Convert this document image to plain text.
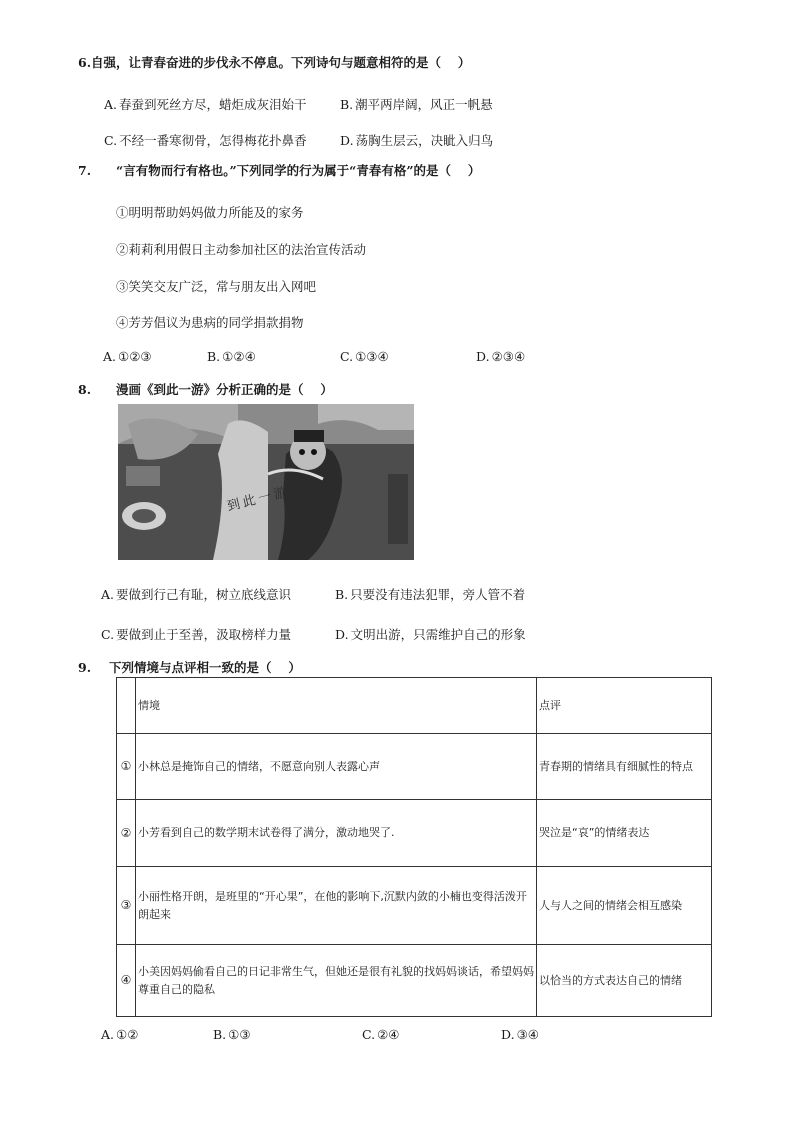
6.自强，让青春奋进的步伐永不停息。下列诗句与题意相符的是（　 ）
A. 春蚕到死丝方尽，蜡炬成灰泪始干	B. 潮平两岸阔，风正一帆悬
C. 不经一番寒彻骨，怎得梅花扑鼻香	D. 荡胸生层云，决眦入归鸟
7. “言有物而行有格也。”下列同学的行为属于“青春有格”的是（　 ）
①明明帮助妈妈做力所能及的家务
②莉莉利用假日主动参加社区的法治宣传活动
③笑笑交友广泛，常与朋友出入网吧
④芳芳倡议为患病的同学捐款捐物
A. ①②③	B. ①②④	C. ①③④	D. ②③④
8. 漫画《到此一游》分析正确的是（　 ）
到此一游
A. 要做到行己有耻，树立底线意识	B. 只要没有违法犯罪，旁人管不着
C. 要做到止于至善，汲取榜样力量	D. 文明出游，只需维护自己的形象
9. 下列情境与点评相一致的是（　 ）
	情境	点评
①	小林总是掩饰自己的情绪，不愿意向别人表露心声	青春期的情绪具有细腻性的特点
②	小芳看到自己的数学期末试卷得了满分，激动地哭了.	哭泣是“哀”的情绪表达
③	小丽性格开朗，是班里的“开心果”，在他的影响下,沉默内敛的小楠也变得活泼开朗起来	人与人之间的情绪会相互感染
④	小美因妈妈偷看自己的日记非常生气，但她还是很有礼貌的找妈妈谈话，希望妈妈尊重自己的隐私	以恰当的方式表达自己的情绪
A. ①②	B. ①③	C. ②④	D. ③④
